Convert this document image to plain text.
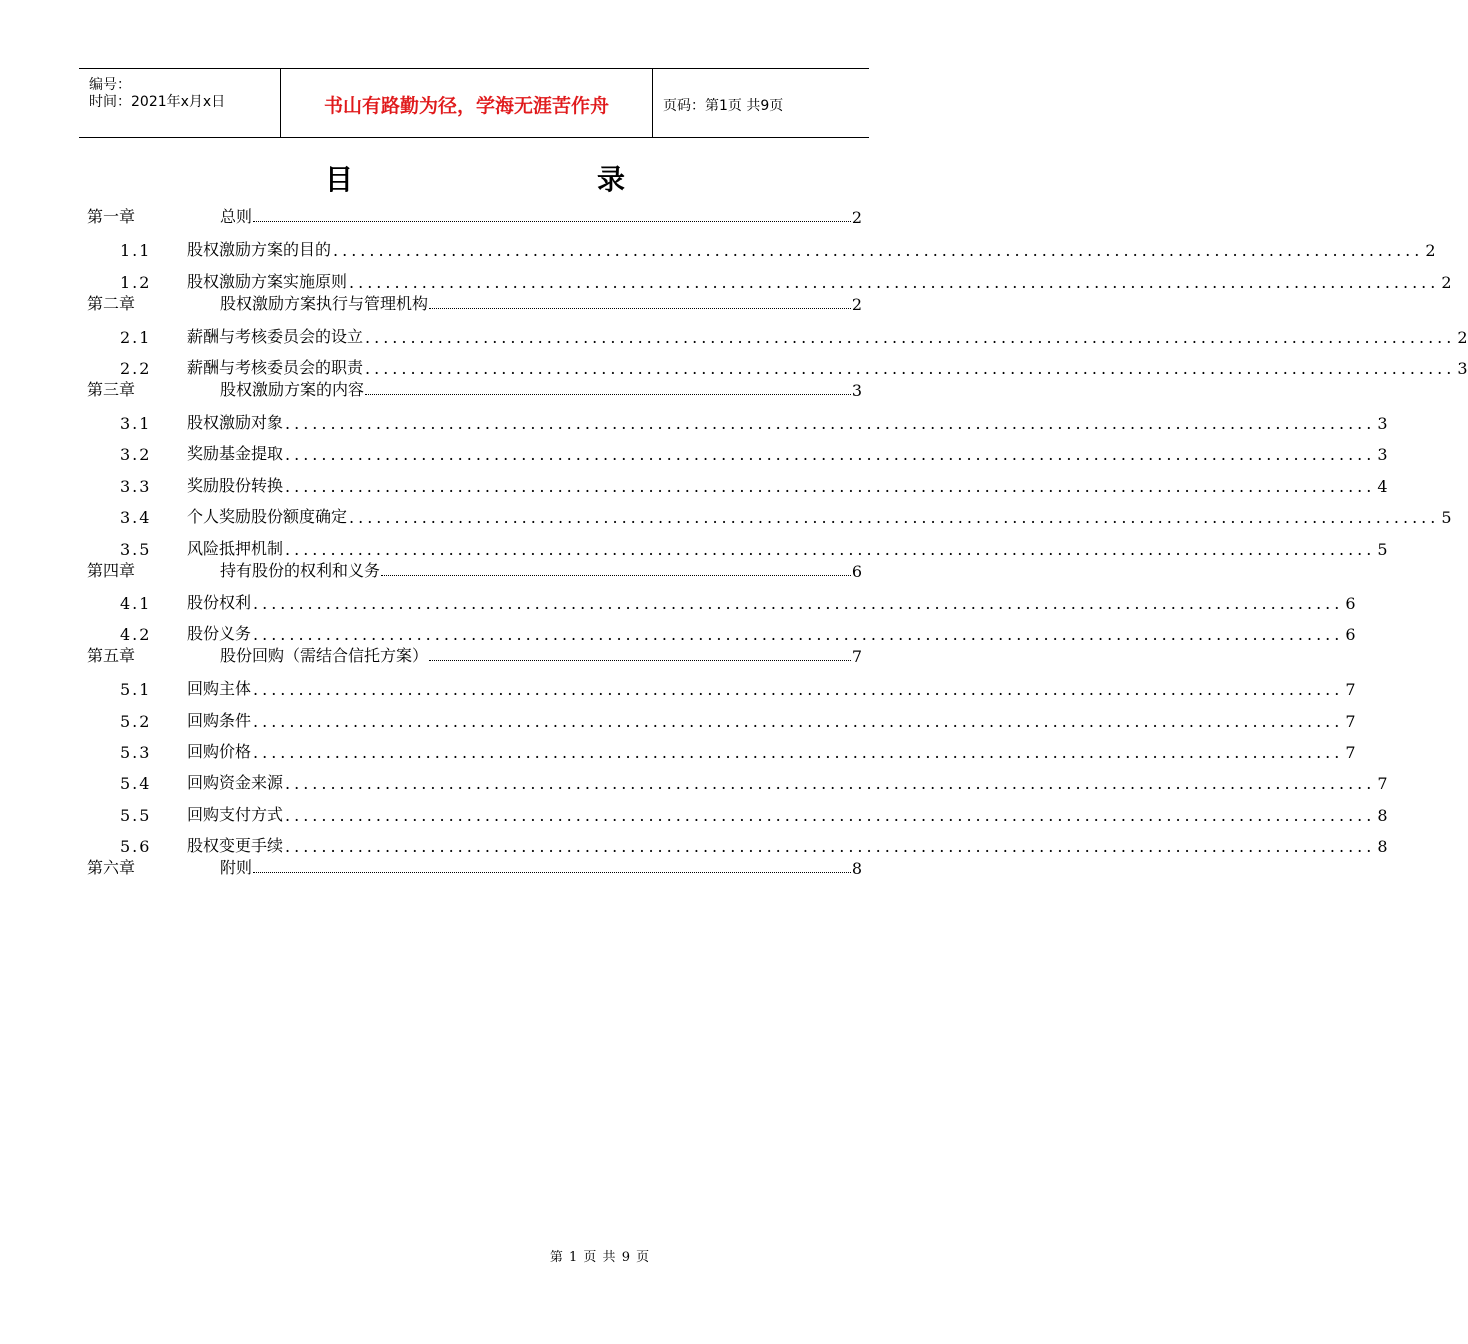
编号：
时间：2021年x月x日	书山有路勤为径，学海无涯苦作舟	页码：第1页 共9页
目	录
第一章	总则	2
1.1	股权激励方案的目的 ........................................................................................................................ 2
1.2	股权激励方案实施原则 ........................................................................................................................ 2
第二章	股权激励方案执行与管理机构	2
2.1	薪酬与考核委员会的设立 ........................................................................................................................ 2
2.2	薪酬与考核委员会的职责 ........................................................................................................................ 3
第三章	股权激励方案的内容	3
3.1	股权激励对象 ........................................................................................................................ 3
3.2	奖励基金提取 ........................................................................................................................ 3
3.3	奖励股份转换 ........................................................................................................................ 4
3.4	个人奖励股份额度确定 ........................................................................................................................ 5
3.5	风险抵押机制 ........................................................................................................................ 5
第四章	持有股份的权利和义务	6
4.1	股份权利 ........................................................................................................................ 6
4.2	股份义务 ........................................................................................................................ 6
第五章	股份回购（需结合信托方案）	7
5.1	回购主体 ........................................................................................................................ 7
5.2	回购条件 ........................................................................................................................ 7
5.3	回购价格 ........................................................................................................................ 7
5.4	回购资金来源 ........................................................................................................................ 7
5.5	回购支付方式 ........................................................................................................................ 8
5.6	股权变更手续 ........................................................................................................................ 8
第六章	附则	8
第 1 页 共 9 页
